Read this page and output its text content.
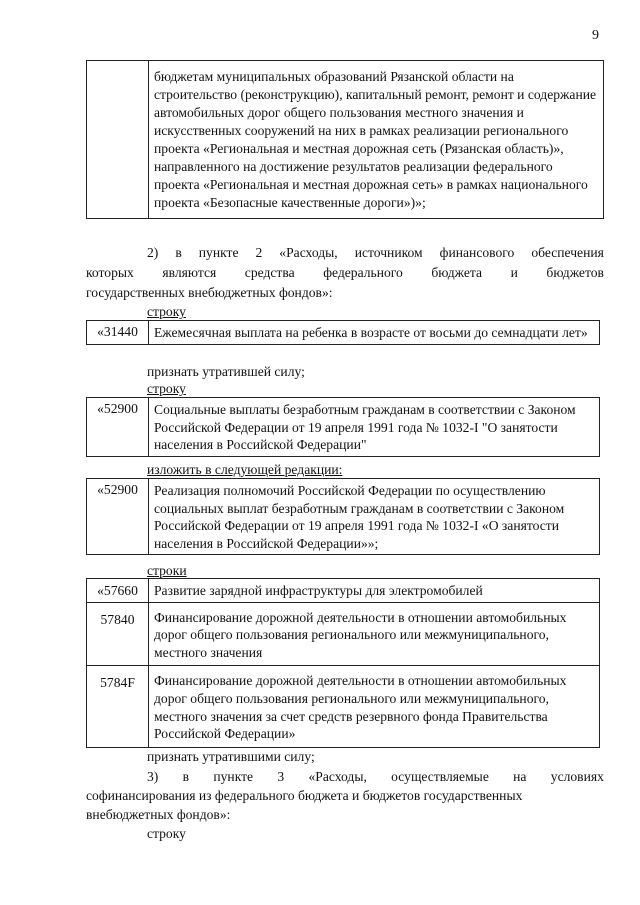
9
	бюджетам муниципальных образований Рязанской области на строительство (реконструкцию), капитальный ремонт, ремонт и содержание автомобильных дорог общего пользования местного значения и искусственных сооружений на них в рамках реализации регионального проекта «Региональная и местная дорожная сеть (Рязанская область)», направленного на достижение результатов реализации федерального проекта «Региональная и местная дорожная сеть» в рамках национального проекта «Безопасные качественные дороги»)»;
2) в пункте 2 «Расходы, источником финансового обеспечения
которых являются средства федерального бюджета и бюджетов
государственных внебюджетных фондов»:
строку
«31440	Ежемесячная выплата на ребенка в возрасте от восьми до семнадцати лет»
признать утратившей силу;
строку
«52900	Социальные выплаты безработным гражданам в соответствии с Законом Российской Федерации от 19 апреля 1991 года № 1032-I "О занятости населения в Российской Федерации"
изложить в следующей редакции:
«52900	Реализация полномочий Российской Федерации по осуществлению социальных выплат безработным гражданам в соответствии с Законом Российской Федерации от 19 апреля 1991 года № 1032-I «О занятости населения в Российской Федерации»»;
строки
«57660	Развитие зарядной инфраструктуры для электромобилей
57840	Финансирование дорожной деятельности в отношении автомобильных дорог общего пользования регионального или межмуниципального, местного значения
5784F	Финансирование дорожной деятельности в отношении автомобильных дорог общего пользования регионального или межмуниципального, местного значения за счет средств резервного фонда Правительства Российской Федерации»
признать утратившими силу;
3) в пункте 3 «Расходы, осуществляемые на условиях
софинансирования из федерального бюджета и бюджетов государственных
внебюджетных фондов»:
строку
